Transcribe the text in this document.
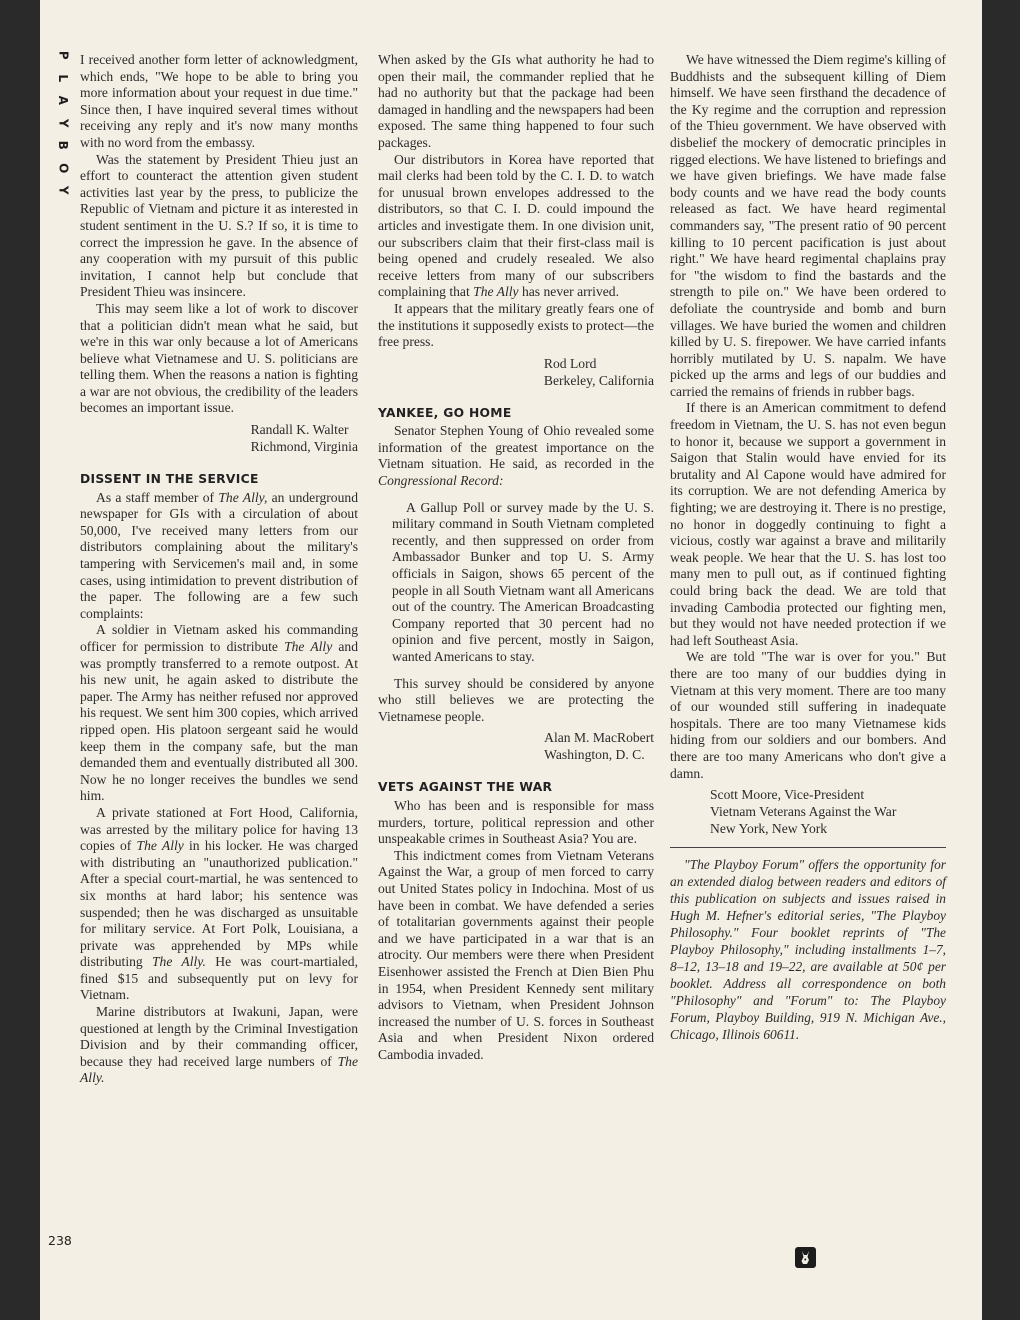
P
L
A
Y
B
O
Y

I received another form letter of acknowledgment, which ends, "We hope to be able to bring you more information about your request in due time." Since then, I have inquired several times without receiving any reply and it's now many months with no word from the embassy.

Was the statement by President Thieu just an effort to counteract the attention given student activities last year by the press, to publicize the Republic of Vietnam and picture it as interested in student sentiment in the U. S.? If so, it is time to correct the impression he gave. In the absence of any cooperation with my pursuit of this public invitation, I cannot help but conclude that President Thieu was insincere.

This may seem like a lot of work to discover that a politician didn't mean what he said, but we're in this war only because a lot of Americans believe what Vietnamese and U. S. politicians are telling them. When the reasons a nation is fighting a war are not obvious, the credibility of the leaders becomes an important issue.

Randall K. Walter
Richmond, Virginia
DISSENT IN THE SERVICE

As a staff member of The Ally, an underground newspaper for GIs with a circulation of about 50,000, I've received many letters from our distributors complaining about the military's tampering with Servicemen's mail and, in some cases, using intimidation to prevent distribution of the paper. The following are a few such complaints:

A soldier in Vietnam asked his commanding officer for permission to distribute The Ally and was promptly transferred to a remote outpost. At his new unit, he again asked to distribute the paper. The Army has neither refused nor approved his request. We sent him 300 copies, which arrived ripped open. His platoon sergeant said he would keep them in the company safe, but the man demanded them and eventually distributed all 300. Now he no longer receives the bundles we send him.

A private stationed at Fort Hood, California, was arrested by the military police for having 13 copies of The Ally in his locker. He was charged with distributing an "unauthorized publication." After a special court-martial, he was sentenced to six months at hard labor; his sentence was suspended; then he was discharged as unsuitable for military service. At Fort Polk, Louisiana, a private was apprehended by MPs while distributing The Ally. He was court-martialed, fined $15 and subsequently put on levy for Vietnam.

Marine distributors at Iwakuni, Japan, were questioned at length by the Criminal Investigation Division and by their commanding officer, because they had received large numbers of The Ally.

When asked by the GIs what authority he had to open their mail, the commander replied that he had no authority but that the package had been damaged in handling and the newspapers had been exposed. The same thing happened to four such packages.

Our distributors in Korea have reported that mail clerks had been told by the C. I. D. to watch for unusual brown envelopes addressed to the distributors, so that C. I. D. could impound the articles and investigate them. In one division unit, our subscribers claim that their first-class mail is being opened and crudely resealed. We also receive letters from many of our subscribers complaining that The Ally has never arrived.

It appears that the military greatly fears one of the institutions it supposedly exists to protect—the free press.

Rod Lord
Berkeley, California
YANKEE, GO HOME

Senator Stephen Young of Ohio revealed some information of the greatest importance on the Vietnam situation. He said, as recorded in the Congressional Record:

A Gallup Poll or survey made by the U. S. military command in South Vietnam completed recently, and then suppressed on order from Ambassador Bunker and top U. S. Army officials in Saigon, shows 65 percent of the people in all South Vietnam want all Americans out of the country. The American Broadcasting Company reported that 30 percent had no opinion and five percent, mostly in Saigon, wanted Americans to stay.

This survey should be considered by anyone who still believes we are protecting the Vietnamese people.

Alan M. MacRobert
Washington, D. C.
VETS AGAINST THE WAR

Who has been and is responsible for mass murders, torture, political repression and other unspeakable crimes in Southeast Asia? You are.

This indictment comes from Vietnam Veterans Against the War, a group of men forced to carry out United States policy in Indochina. Most of us have been in combat. We have defended a series of totalitarian governments against their people and we have participated in a war that is an atrocity. Our members were there when President Eisenhower assisted the French at Dien Bien Phu in 1954, when President Kennedy sent military advisors to Vietnam, when President Johnson increased the number of U. S. forces in Southeast Asia and when President Nixon ordered Cambodia invaded.

We have witnessed the Diem regime's killing of Buddhists and the subsequent killing of Diem himself. We have seen firsthand the decadence of the Ky regime and the corruption and repression of the Thieu government. We have observed with disbelief the mockery of democratic principles in rigged elections. We have listened to briefings and we have given briefings. We have made false body counts and we have read the body counts released as fact. We have heard regimental commanders say, "The present ratio of 90 percent killing to 10 percent pacification is just about right." We have heard regimental chaplains pray for "the wisdom to find the bastards and the strength to pile on." We have been ordered to defoliate the countryside and bomb and burn villages. We have buried the women and children killed by U. S. firepower. We have carried infants horribly mutilated by U. S. napalm. We have picked up the arms and legs of our buddies and carried the remains of friends in rubber bags.

If there is an American commitment to defend freedom in Vietnam, the U. S. has not even begun to honor it, because we support a government in Saigon that Stalin would have envied for its brutality and Al Capone would have admired for its corruption. We are not defending America by fighting; we are destroying it. There is no prestige, no honor in doggedly continuing to fight a vicious, costly war against a brave and militarily weak people. We hear that the U. S. has lost too many men to pull out, as if continued fighting could bring back the dead. We are told that invading Cambodia protected our fighting men, but they would not have needed protection if we had left Southeast Asia.

We are told "The war is over for you." But there are too many of our buddies dying in Vietnam at this very moment. There are too many of our wounded still suffering in inadequate hospitals. There are too many Vietnamese kids hiding from our soldiers and our bombers. And there are too many Americans who don't give a damn.

Scott Moore, Vice-President
Vietnam Veterans Against the War
New York, New York

"The Playboy Forum" offers the opportunity for an extended dialog between readers and editors of this publication on subjects and issues raised in Hugh M. Hefner's editorial series, "The Playboy Philosophy." Four booklet reprints of "The Playboy Philosophy," including installments 1–7, 8–12, 13–18 and 19–22, are available at 50¢ per booklet. Address all correspondence on both "Philosophy" and "Forum" to: The Playboy Forum, Playboy Building, 919 N. Michigan Ave., Chicago, Illinois 60611.

238
